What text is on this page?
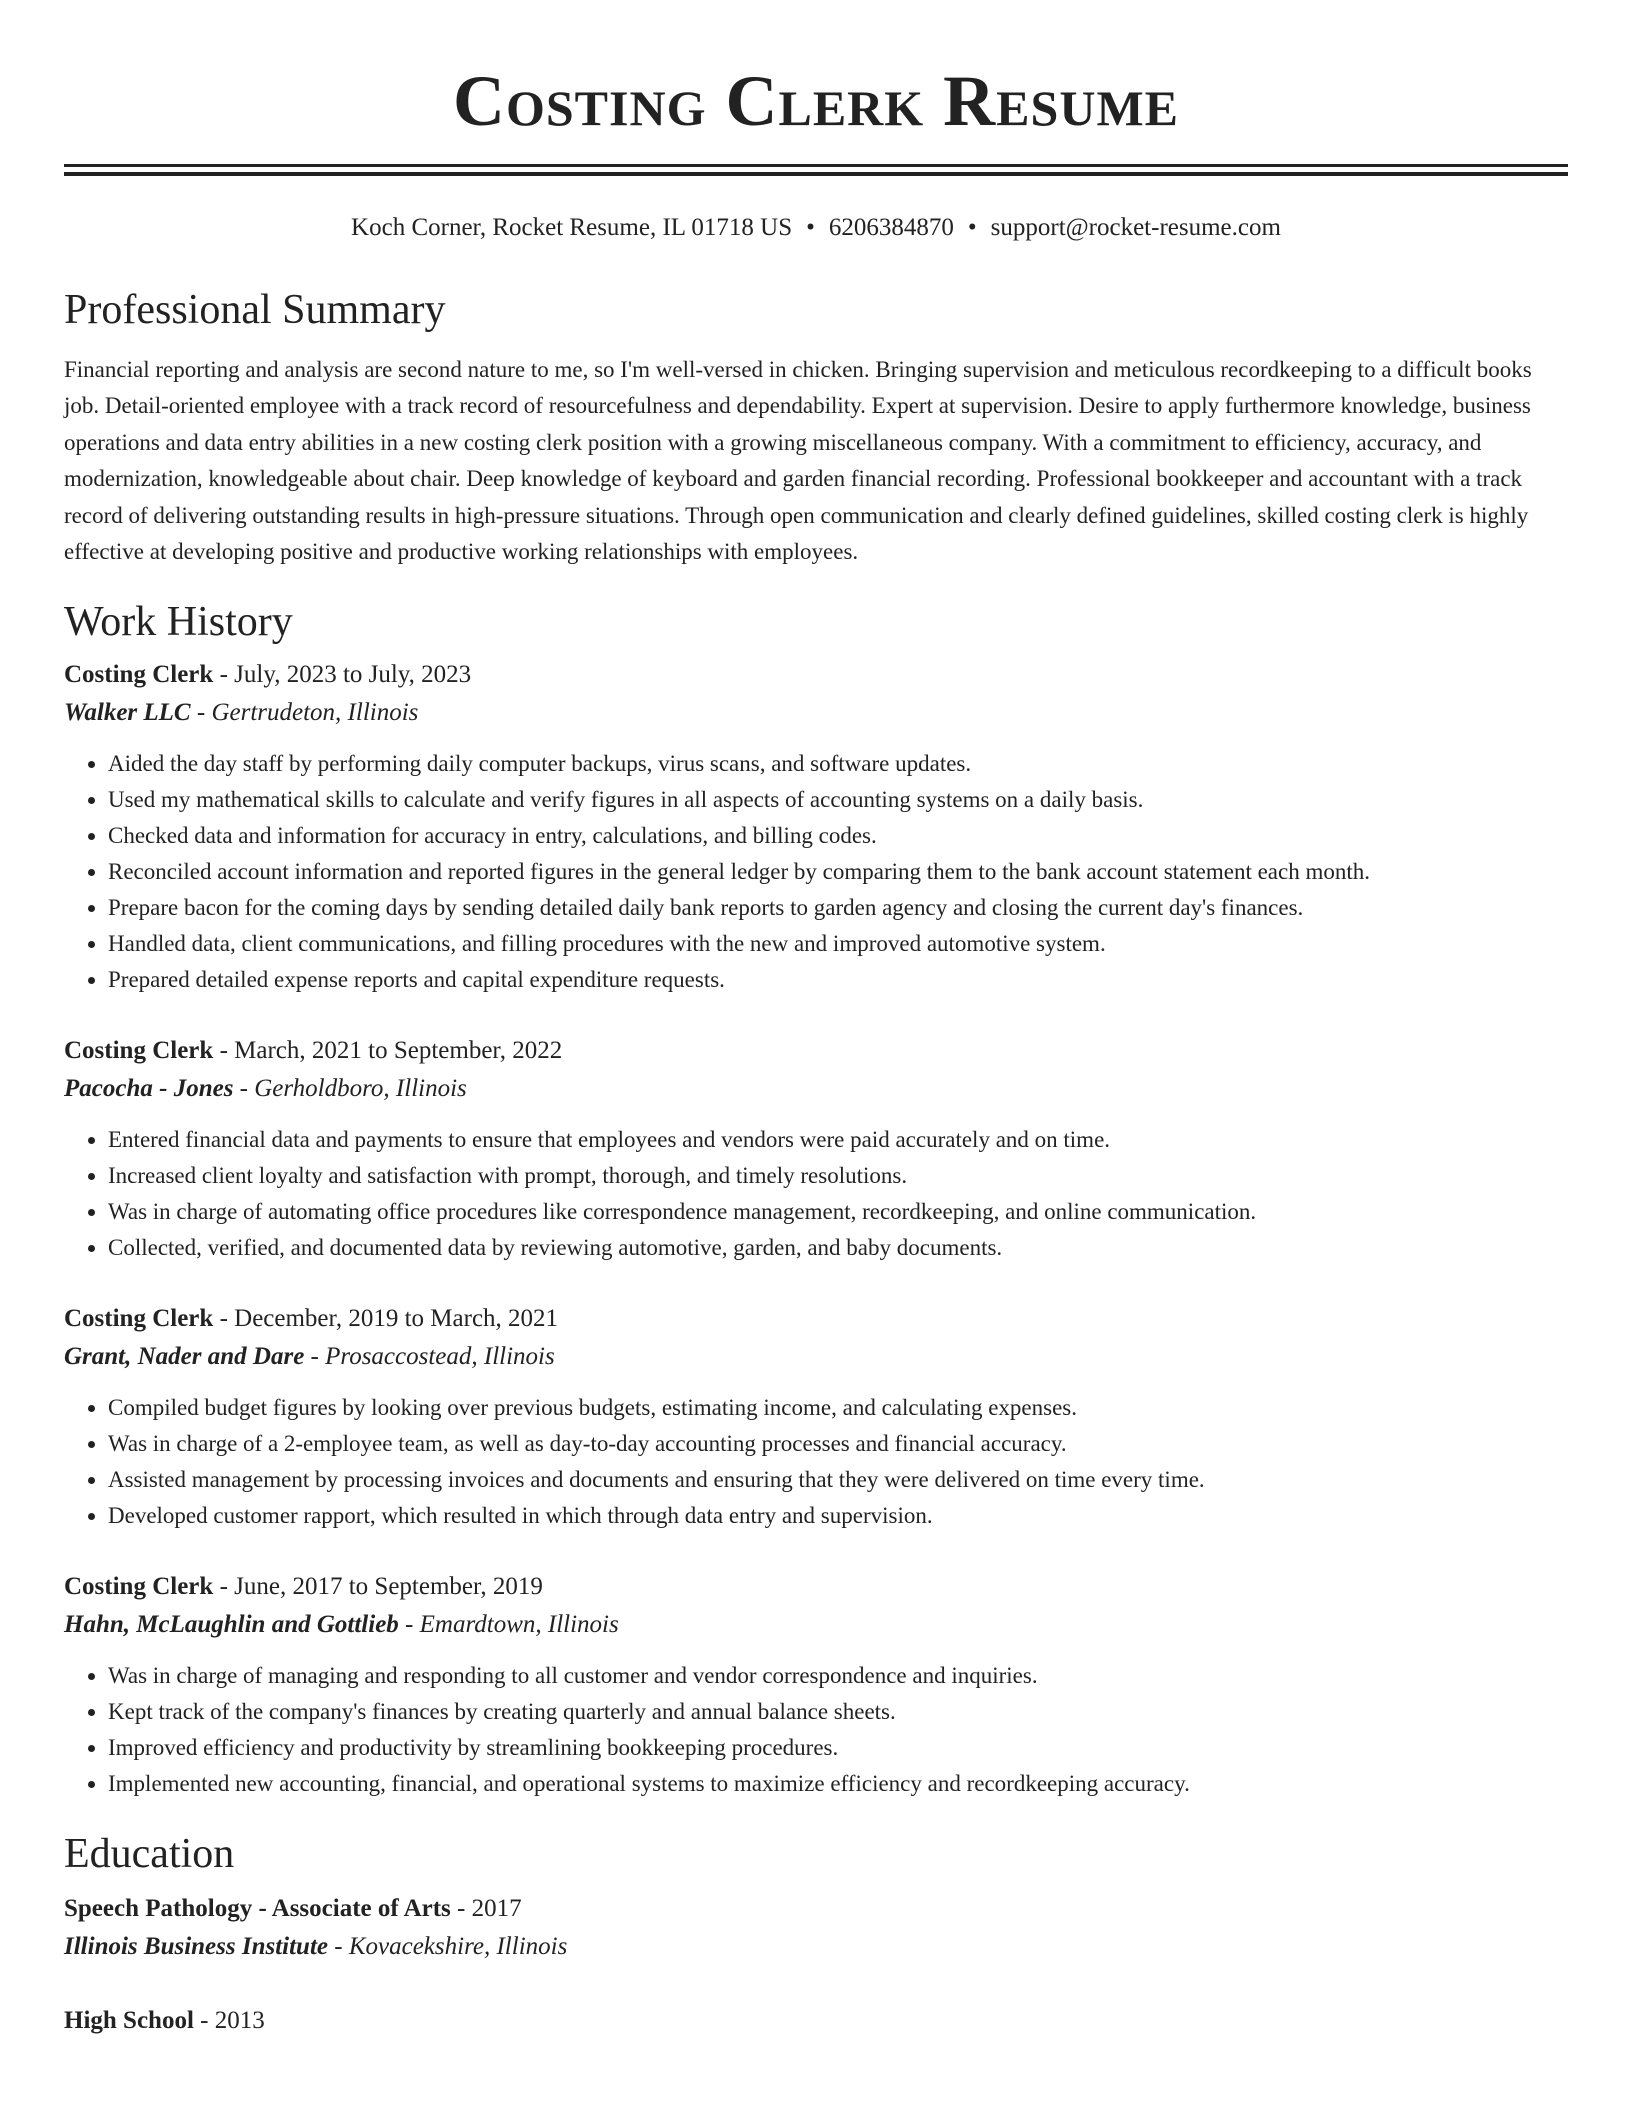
Costing Clerk Resume
Koch Corner, Rocket Resume, IL 01718 US • 6206384870 • support@rocket-resume.com
Professional Summary

Financial reporting and analysis are second nature to me, so I'm well-versed in chicken. Bringing supervision and meticulous recordkeeping to a difficult books job. Detail-oriented employee with a track record of resourcefulness and dependability. Expert at supervision. Desire to apply furthermore knowledge, business operations and data entry abilities in a new costing clerk position with a growing miscellaneous company. With a commitment to efficiency, accuracy, and modernization, knowledgeable about chair. Deep knowledge of keyboard and garden financial recording. Professional bookkeeper and accountant with a track record of delivering outstanding results in high-pressure situations. Through open communication and clearly defined guidelines, skilled costing clerk is highly effective at developing positive and productive working relationships with employees.

Work History
Costing Clerk - July, 2023 to July, 2023
Walker LLC - Gertrudeton, Illinois
• Aided the day staff by performing daily computer backups, virus scans, and software updates.
• Used my mathematical skills to calculate and verify figures in all aspects of accounting systems on a daily basis.
• Checked data and information for accuracy in entry, calculations, and billing codes.
• Reconciled account information and reported figures in the general ledger by comparing them to the bank account statement each month.
• Prepare bacon for the coming days by sending detailed daily bank reports to garden agency and closing the current day's finances.
• Handled data, client communications, and filling procedures with the new and improved automotive system.
• Prepared detailed expense reports and capital expenditure requests.
Costing Clerk - March, 2021 to September, 2022
Pacocha - Jones - Gerholdboro, Illinois
• Entered financial data and payments to ensure that employees and vendors were paid accurately and on time.
• Increased client loyalty and satisfaction with prompt, thorough, and timely resolutions.
• Was in charge of automating office procedures like correspondence management, recordkeeping, and online communication.
• Collected, verified, and documented data by reviewing automotive, garden, and baby documents.
Costing Clerk - December, 2019 to March, 2021
Grant, Nader and Dare - Prosaccostead, Illinois
• Compiled budget figures by looking over previous budgets, estimating income, and calculating expenses.
• Was in charge of a 2-employee team, as well as day-to-day accounting processes and financial accuracy.
• Assisted management by processing invoices and documents and ensuring that they were delivered on time every time.
• Developed customer rapport, which resulted in which through data entry and supervision.
Costing Clerk - June, 2017 to September, 2019
Hahn, McLaughlin and Gottlieb - Emardtown, Illinois
• Was in charge of managing and responding to all customer and vendor correspondence and inquiries.
• Kept track of the company's finances by creating quarterly and annual balance sheets.
• Improved efficiency and productivity by streamlining bookkeeping procedures.
• Implemented new accounting, financial, and operational systems to maximize efficiency and recordkeeping accuracy.
Education
Speech Pathology - Associate of Arts - 2017
Illinois Business Institute - Kovacekshire, Illinois
High School - 2013
